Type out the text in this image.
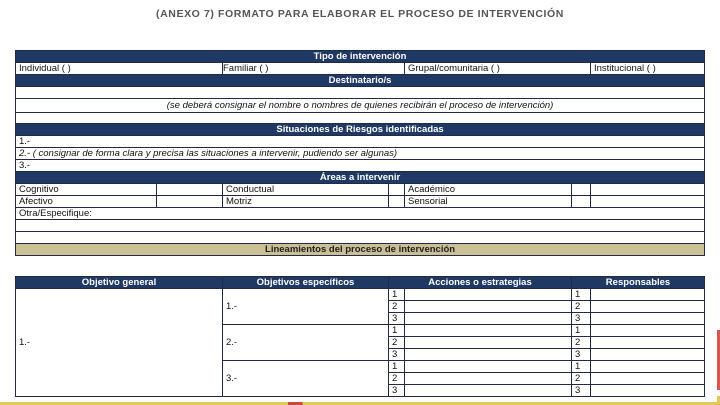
(ANEXO 7) FORMATO PARA ELABORAR EL PROCESO DE INTERVENCIÓN
Tipo de intervención						
Individual ( )		Familiar ( )		Grupal/comunitaria ( )		Institucional ( )
Destinatario/s						

(se deberá consignar el nombre o nombres de quienes recibirán el proceso de intervención)						

Situaciones de Riesgos identificadas						
1.-						
2.- ( consignar de forma clara y precisa las situaciones a intervenir, pudiendo ser algunas)						
3.-						
Áreas a intervenir						
Cognitivo		Conductual		Académico		
Afectivo		Motriz		Sensorial		
Otra/Especifique:						

Lineamientos del proceso de intervención						
Objetivo general	Objetivos específicos	Acciones o estrategias		Responsables	
1.-	1.-	1		1	
		2		2	
		3		3	
	2.-	1		1	
		2		2	
		3		3	
	3.-	1		1	
		2		2	
		3		3	
